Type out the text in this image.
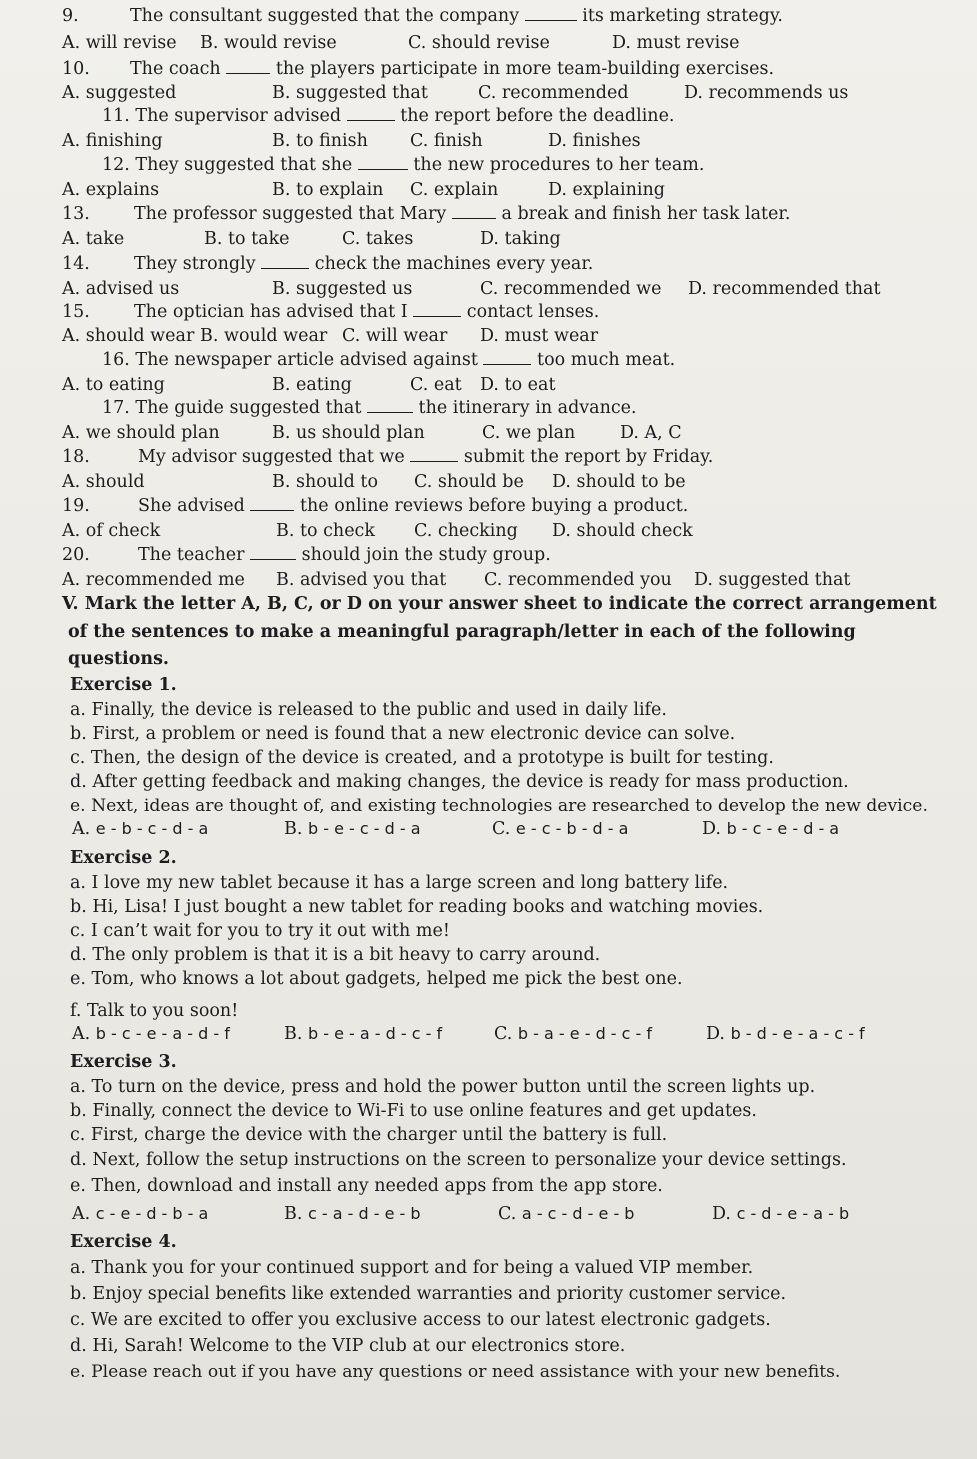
9.	The consultant suggested that the company	its marketing strategy.
A. will revise B. would revise	C. should revise	D. must revise
10. The coach	the players participate in more team-building exercises.
A. suggested	B. suggested that	C. recommended	D. recommends us
11. The supervisor advised	the report before the deadline.
A. finishing	B. to finish C. finish	D. finishes
12. They suggested that she	the new procedures to her team.
A. explains	B. to explain C. explain	D. explaining
13.	The professor suggested that Mary	a break and finish her task later.
A. take	B. to take	C. takes	D. taking
14.	They strongly	check the machines every year.
A. advised us	B. suggested us	C. recommended we D. recommended that
15.	The optician has advised that I	contact lenses.
A. should wear B. would wear C. will wear D. must wear
16. The newspaper article advised against	too much meat.
A. to eating	B. eating	C. eat D. to eat
17. The guide suggested that	the itinerary in advance.
A. we should plan	B. us should plan	C. we plan	D. A, C
18.	My advisor suggested that we	submit the report by Friday.
A. should	B. should to C. should be D. should to be
19.	She advised	the online reviews before buying a product.
A. of check	B. to check C. checking D. should check
20.	The teacher	should join the study group.
A. recommended me B. advised you that C. recommended you D. suggested that
V. Mark the letter A, B, C, or D on your answer sheet to indicate the correct arrangement
of the sentences to make a meaningful paragraph/letter in each of the following
questions.
Exercise 1.
a. Finally, the device is released to the public and used in daily life.
b. First, a problem or need is found that a new electronic device can solve.
c. Then, the design of the device is created, and a prototype is built for testing.
d. After getting feedback and making changes, the device is ready for mass production.
e. Next, ideas are thought of, and existing technologies are researched to develop the new device.
A. e - b - c - d - a	B. b - e - c - d - a	C. e - c - b - d - a	D. b - c - e - d - a
Exercise 2.
a. I love my new tablet because it has a large screen and long battery life.
b. Hi, Lisa! I just bought a new tablet for reading books and watching movies.
c. I can’t wait for you to try it out with me!
d. The only problem is that it is a bit heavy to carry around.
e. Tom, who knows a lot about gadgets, helped me pick the best one.
f. Talk to you soon!
A. b - c - e - a - d - f	B. b - e - a - d - c - f	C. b - a - e - d - c - f	D. b - d - e - a - c - f
Exercise 3.
a. To turn on the device, press and hold the power button until the screen lights up.
b. Finally, connect the device to Wi-Fi to use online features and get updates.
c. First, charge the device with the charger until the battery is full.
d. Next, follow the setup instructions on the screen to personalize your device settings.
e. Then, download and install any needed apps from the app store.
A. c - e - d - b - a	B. c - a - d - e - b	C. a - c - d - e - b	D. c - d - e - a - b
Exercise 4.
a. Thank you for your continued support and for being a valued VIP member.
b. Enjoy special benefits like extended warranties and priority customer service.
c. We are excited to offer you exclusive access to our latest electronic gadgets.
d. Hi, Sarah! Welcome to the VIP club at our electronics store.
e. Please reach out if you have any questions or need assistance with your new benefits.
